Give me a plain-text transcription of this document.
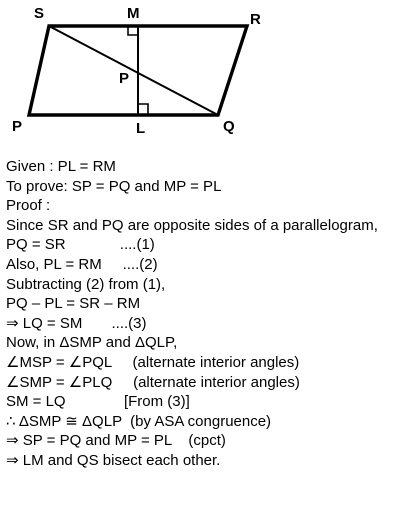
S	M	R
P
P	L	Q
Given : PL = RM
To prove: SP = PQ and MP = PL
Proof :
Since SR and PQ are opposite sides of a parallelogram,
PQ = SR             ....(1)
Also, PL = RM     ....(2)
Subtracting (2) from (1),
PQ – PL = SR – RM
⇒ LQ = SM       ....(3)
Now, in ΔSMP and ΔQLP,
∠MSP = ∠PQL     (alternate interior angles)
∠SMP = ∠PLQ     (alternate interior angles)
SM = LQ              [From (3)]
∴ ΔSMP ≅ ΔQLP  (by ASA congruence)
⇒ SP = PQ and MP = PL    (cpct)
⇒ LM and QS bisect each other.
